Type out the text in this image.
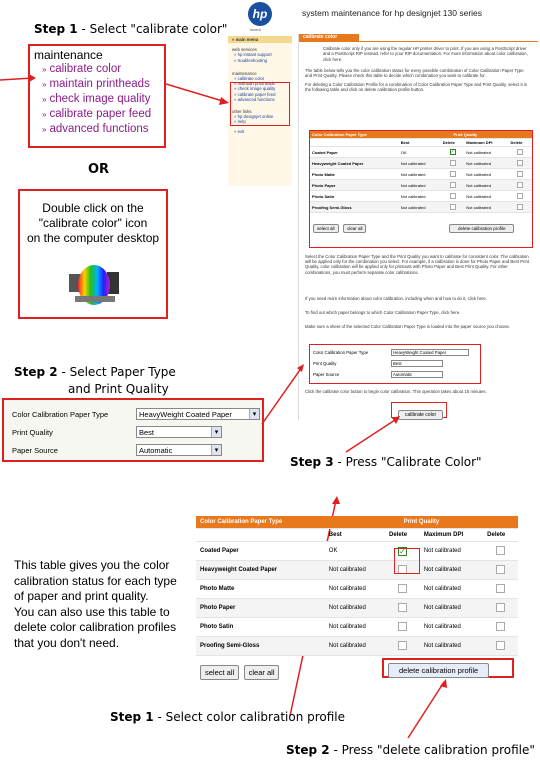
Step 1 - Select "calibrate color"
maintenance
» calibrate color
» maintain printheads
» check image quality
» calibrate paper feed
» advanced functions
OR
Double click on the
"calibrate color" icon
on the computer desktop
Step 2 - Select Paper Type
and Print Quality
Color Calibration Paper Type	HeavyWeight Coated Paper	▾
Print Quality	Best	▾
Paper Source	Automatic	▾
Step 3 - Press "Calibrate Color"
hp
invent
system maintenance for hp designjet 130 series
» main menu
web services
» hp instant support
» troubleshooting
maintenance
» calibrate color
» maintain printheads
» check image quality
» calibrate paper feed
» advanced functions
other links
» hp designjet online
» help
» exit
calibrate color
Calibrate color only if you are using the regular HP printer driver to print. If you are using a PostScript driver and a PostScript RIP instead, refer to your RIP documentation. For more information about color calibration, click here.
The table below tells you the color calibration status for every possible combination of Color Calibration Paper Type and Print Quality. Please check this table to decide which combination you want to calibrate for.
For deleting a Color Calibration Profile for a combination of Color Calibration Paper Type and Print Quality, select it in the following table and click on delete calibration profile button.
Color Calibration Paper Type	Print Quality			
	Best	Delete	Maximum DPI	Delete
Coated Paper	OK	✓	Not calibrated	
Heavyweight Coated Paper	Not calibrated		Not calibrated	
Photo Matte	Not calibrated		Not calibrated	
Photo Paper	Not calibrated		Not calibrated	
Photo Satin	Not calibrated		Not calibrated	
Proofing Semi-Gloss	Not calibrated		Not calibrated	
select all	clear all	delete calibration profile
Select the Color Calibration Paper Type and the Print Quality you want to calibrate for consistent color. The calibration will be applied only for the combination you select. For example, if a calibration is done for Photo Paper and Best Print Quality, color calibration will be applied only for printouts with Photo Paper and Best Print Quality. For other combinations, you must perform separate color calibrations.
If you need more information about color calibration, including when and how to do it, click here.
To find out which paper belongs to which Color Calibration Paper Type, click here.
Make sure a sheet of the selected Color Calibration Paper Type is loaded into the paper source you choose.
Color Calibration Paper Type	HeavyWeight Coated Paper
Print Quality	Best
Paper Source	Automatic
Click the calibrate color button to begin color calibration. This operation takes about 15 minutes.
calibrate color
Color Calibration Paper Type	Print Quality			
	Best	Delete	Maximum DPI	Delete
Coated Paper	OK	✓	Not calibrated	
Heavyweight Coated Paper	Not calibrated		Not calibrated	
Photo Matte	Not calibrated		Not calibrated	
Photo Paper	Not calibrated		Not calibrated	
Photo Satin	Not calibrated		Not calibrated	
Proofing Semi-Gloss	Not calibrated		Not calibrated	
select all clear all	delete calibration profile
This table gives you the color
calibration status for each type
of paper and print quality.
You can also use this table to
delete color calibration profiles
that you don't need.
Step 1 - Select color calibration profile
Step 2 - Press "delete calibration profile"
